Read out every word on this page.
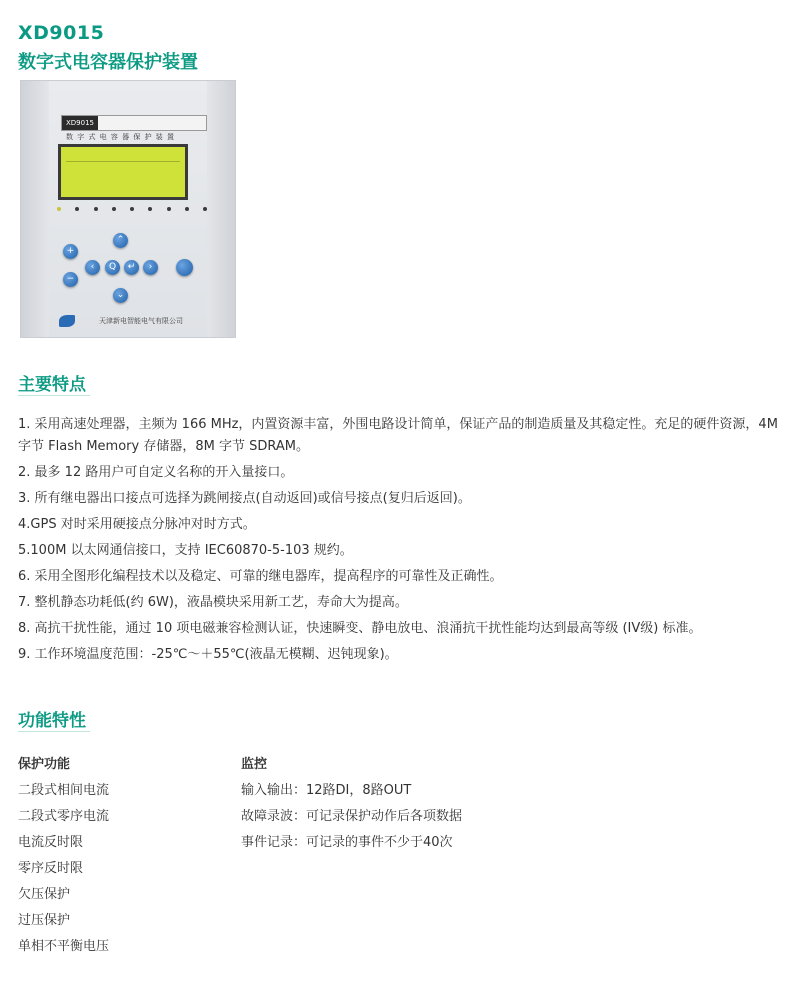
XD9015
数字式电容器保护装置
XD9015数 字 式 电 容 器 保 护 装 置
⌃
+
−
‹	Q	↵	›
⌄
天津新电智能电气有限公司
主要特点
1. 采用高速处理器，主频为 166 MHz，内置资源丰富，外围电路设计简单，保证产品的制造质量及其稳定性。充足的硬件资源，4M 字节 Flash Memory 存储器，8M 字节 SDRAM。
2. 最多 12 路用户可自定义名称的开入量接口。
3. 所有继电器出口接点可选择为跳闸接点(自动返回)或信号接点(复归后返回)。
4.GPS 对时采用硬接点分脉冲对时方式。
5.100M 以太网通信接口，支持 IEC60870-5-103 规约。
6. 采用全图形化编程技术以及稳定、可靠的继电器库，提高程序的可靠性及正确性。
7. 整机静态功耗低(约 6W)，液晶模块采用新工艺，寿命大为提高。
8. 高抗干扰性能，通过 10 项电磁兼容检测认证，快速瞬变、静电放电、浪涌抗干扰性能均达到最高等级 (IV级) 标准。
9. 工作环境温度范围：-25℃～＋55℃(液晶无模糊、迟钝现象)。
功能特性
保护功能
二段式相间电流
二段式零序电流
电流反时限
零序反时限
欠压保护
过压保护
单相不平衡电压
监控
输入输出：12路DI，8路OUT
故障录波：可记录保护动作后各项数据
事件记录：可记录的事件不少于40次
